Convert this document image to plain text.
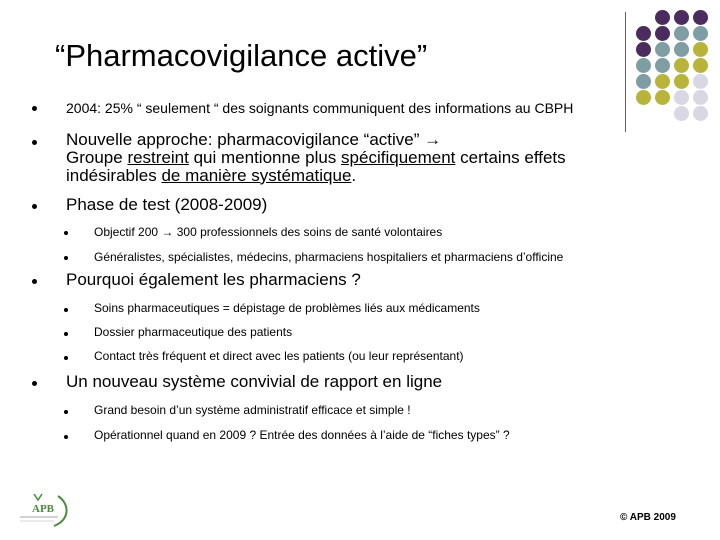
“Pharmacovigilance active”
2004: 25% “ seulement “ des soignants communiquent des informations au CBPH
Nouvelle approche: pharmacovigilance “active” →
Groupe restreint qui mentionne plus spécifiquement certains effets
indésirables de manière systématique.
Phase de test (2008-2009)
Objectif 200 → 300 professionnels des soins de santé volontaires
Généralistes, spécialistes, médecins, pharmaciens hospitaliers et pharmaciens d’officine
Pourquoi également les pharmaciens ?
Soins pharmaceutiques = dépistage de problèmes liés aux médicaments
Dossier pharmaceutique des patients
Contact très fréquent et direct avec les patients (ou leur représentant)
Un nouveau système convivial de rapport en ligne
Grand besoin d’un système administratif efficace et simple !
Opérationnel quand en 2009 ? Entrée des données à l’aide de “fiches types” ?
APB
© APB 2009
